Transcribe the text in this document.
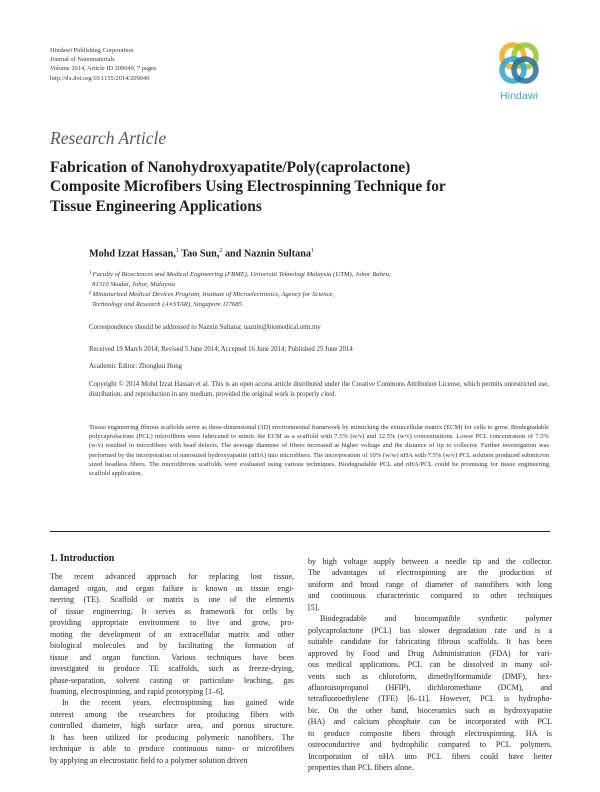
Hindawi Publishing Corporation
Journal of Nanomaterials
Volume 2014, Article ID 209049, 7 pages
http://dx.doi.org/10.1155/2014/209049
Hindawi
Research Article
Fabrication of Nanohydroxyapatite/Poly(caprolactone)
Composite Microfibers Using Electrospinning Technique for
Tissue Engineering Applications
Mohd Izzat Hassan,$^1$ Tao Sun,$^2$ and Naznin Sultana$^1$
$^1$Faculty of Biosciences and Medical Engineering (FBME), Universiti Teknologi Malaysia (UTM), Johor Bahru,
81310 Skudai, Johor, Malaysia
$^2$Miniaturized Medical Devices Program, Institute of Microelectronics, Agency for Science,
Technology and Research (A∗STAR), Singapore 117685
Correspondence should be addressed to Naznin Sultana; naznin@biomedical.utm.my
Received 19 March 2014; Revised 5 June 2014; Accepted 16 June 2014; Published 25 June 2014
Academic Editor: Zhongkui Hong
Copyright © 2014 Mohd Izzat Hassan et al. This is an open access article distributed under the Creative Commons Attribution License, which permits unrestricted use, distribution, and reproduction in any medium, provided the original work is properly cited.
Tissue engineering fibrous scaffolds serve as three-dimensional (3D) environmental framework by mimicking the extracellular matrix (ECM) for cells to grow. Biodegradable polycaprolactone (PCL) microfibers were fabricated to mimic the ECM as a scaffold with 7.5% (w/v) and 12.5% (w/v) concentrations. Lower PCL concentration of 7.5% (w/v) resulted in microfibers with bead defects. The average diameter of fibers increased at higher voltage and the distance of tip to collector. Further investigation was performed by the incorporation of nanosized hydroxyapatite (nHA) into microfibers. The incorporation of 10% (w/w) nHA with 7.5% (w/v) PCL solution produced submicron sized beadless fibers. The microfibrous scaffolds were evaluated using various techniques. Biodegradable PCL and nHA/PCL could be promising for tissue engineering scaffold application.
1. Introduction

The recent advanced approach for replacing lost tissue,
damaged organ, and organ failure is known as tissue engi-
neering (TE). Scaffold or matrix is one of the elements
of tissue engineering. It serves as framework for cells by
providing appropriate environment to live and grow, pro-
moting the development of an extracellular matrix and other
biological molecules and by facilitating the formation of
tissue and organ function. Various techniques have been
investigated to produce TE scaffolds, such as freeze-drying,
phase-separation, solvent casting or particulate leaching, gas
foaming, electrospinning, and rapid prototyping [1–6].

In the recent years, electrospinning has gained wide
interest among the researchers for producing fibers with
controlled diameter, high surface area, and porous structure.
It has been utilized for producing polymeric nanofibers. The
technique is able to produce continuous nano- or microfibers
by applying an electrostatic field to a polymer solution driven

by high voltage supply between a needle tip and the collector.
The advantages of electrospinning are the production of
uniform and broad range of diameter of nanofibers with long
and continuous characteristic compared to other techniques
[5].

Biodegradable and biocompatible synthetic polymer
polycaprolactone (PCL) has slower degradation rate and is a
suitable candidate for fabricating fibrous scaffolds. It has been
approved by Food and Drug Administration (FDA) for vari-
ous medical applications. PCL can be dissolved in many sol-
vents such as chloroform, dimethylformamide (DMF), hex-
afluoroisopropanol (HFIP), dichloromethane (DCM), and
tetrafluoroethylene (TFE) [6–11]. However, PCL is hydropho-
bic. On the other hand, bioceramics such as hydroxyapatite
(HA) and calcium phosphate can be incorporated with PCL
to produce composite fibers through electrospinning. HA is
osteoconductive and hydrophilic compared to PCL polymers.
Incorporation of nHA into PCL fibers could have better
properties than PCL fibers alone.
